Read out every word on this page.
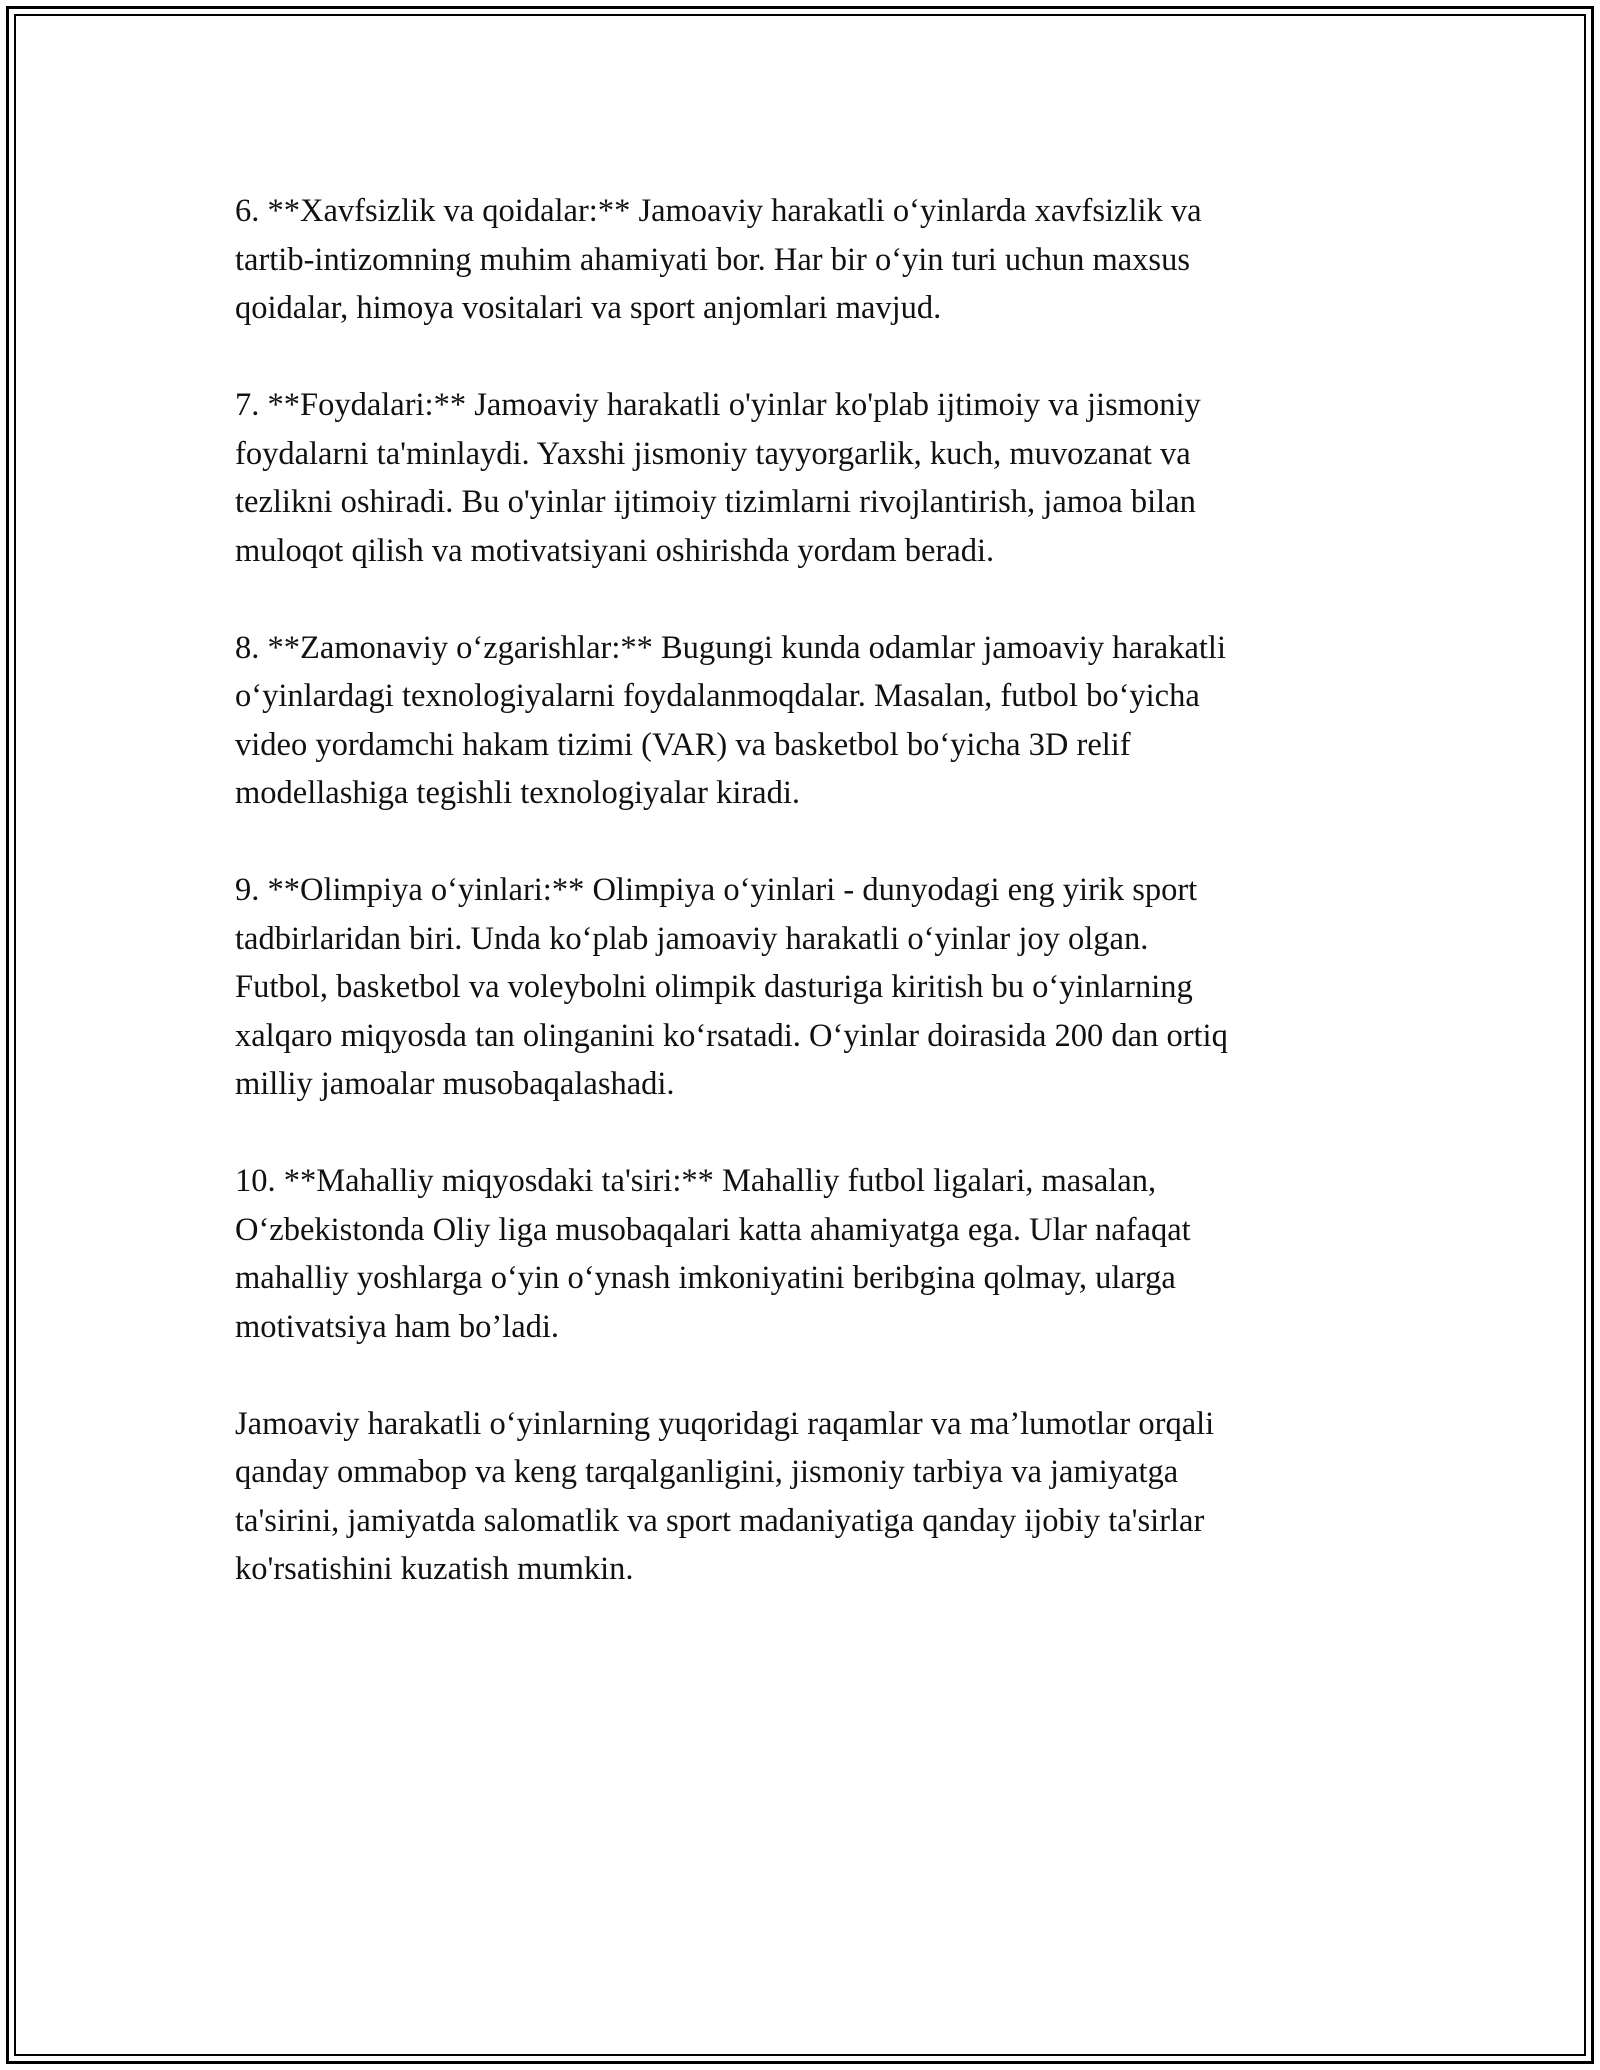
6. **Xavfsizlik va qoidalar:** Jamoaviy harakatli o‘yinlarda xavfsizlik va
tartib-intizomning muhim ahamiyati bor. Har bir o‘yin turi uchun maxsus
qoidalar, himoya vositalari va sport anjomlari mavjud.

7. **Foydalari:** Jamoaviy harakatli o'yinlar ko'plab ijtimoiy va jismoniy
foydalarni ta'minlaydi. Yaxshi jismoniy tayyorgarlik, kuch, muvozanat va
tezlikni oshiradi. Bu o'yinlar ijtimoiy tizimlarni rivojlantirish, jamoa bilan
muloqot qilish va motivatsiyani oshirishda yordam beradi.

8. **Zamonaviy o‘zgarishlar:** Bugungi kunda odamlar jamoaviy harakatli
o‘yinlardagi texnologiyalarni foydalanmoqdalar. Masalan, futbol bo‘yicha
video yordamchi hakam tizimi (VAR) va basketbol bo‘yicha 3D relif
modellashiga tegishli texnologiyalar kiradi.

9. **Olimpiya o‘yinlari:** Olimpiya o‘yinlari - dunyodagi eng yirik sport
tadbirlaridan biri. Unda ko‘plab jamoaviy harakatli o‘yinlar joy olgan.
Futbol, basketbol va voleybolni olimpik dasturiga kiritish bu o‘yinlarning
xalqaro miqyosda tan olinganini ko‘rsatadi. O‘yinlar doirasida 200 dan ortiq
milliy jamoalar musobaqalashadi.

10. **Mahalliy miqyosdaki ta'siri:** Mahalliy futbol ligalari, masalan,
O‘zbekistonda Oliy liga musobaqalari katta ahamiyatga ega. Ular nafaqat
mahalliy yoshlarga o‘yin o‘ynash imkoniyatini beribgina qolmay, ularga
motivatsiya ham bo’ladi.

Jamoaviy harakatli o‘yinlarning yuqoridagi raqamlar va ma’lumotlar orqali
qanday ommabop va keng tarqalganligini, jismoniy tarbiya va jamiyatga
ta'sirini, jamiyatda salomatlik va sport madaniyatiga qanday ijobiy ta'sirlar
ko'rsatishini kuzatish mumkin.
